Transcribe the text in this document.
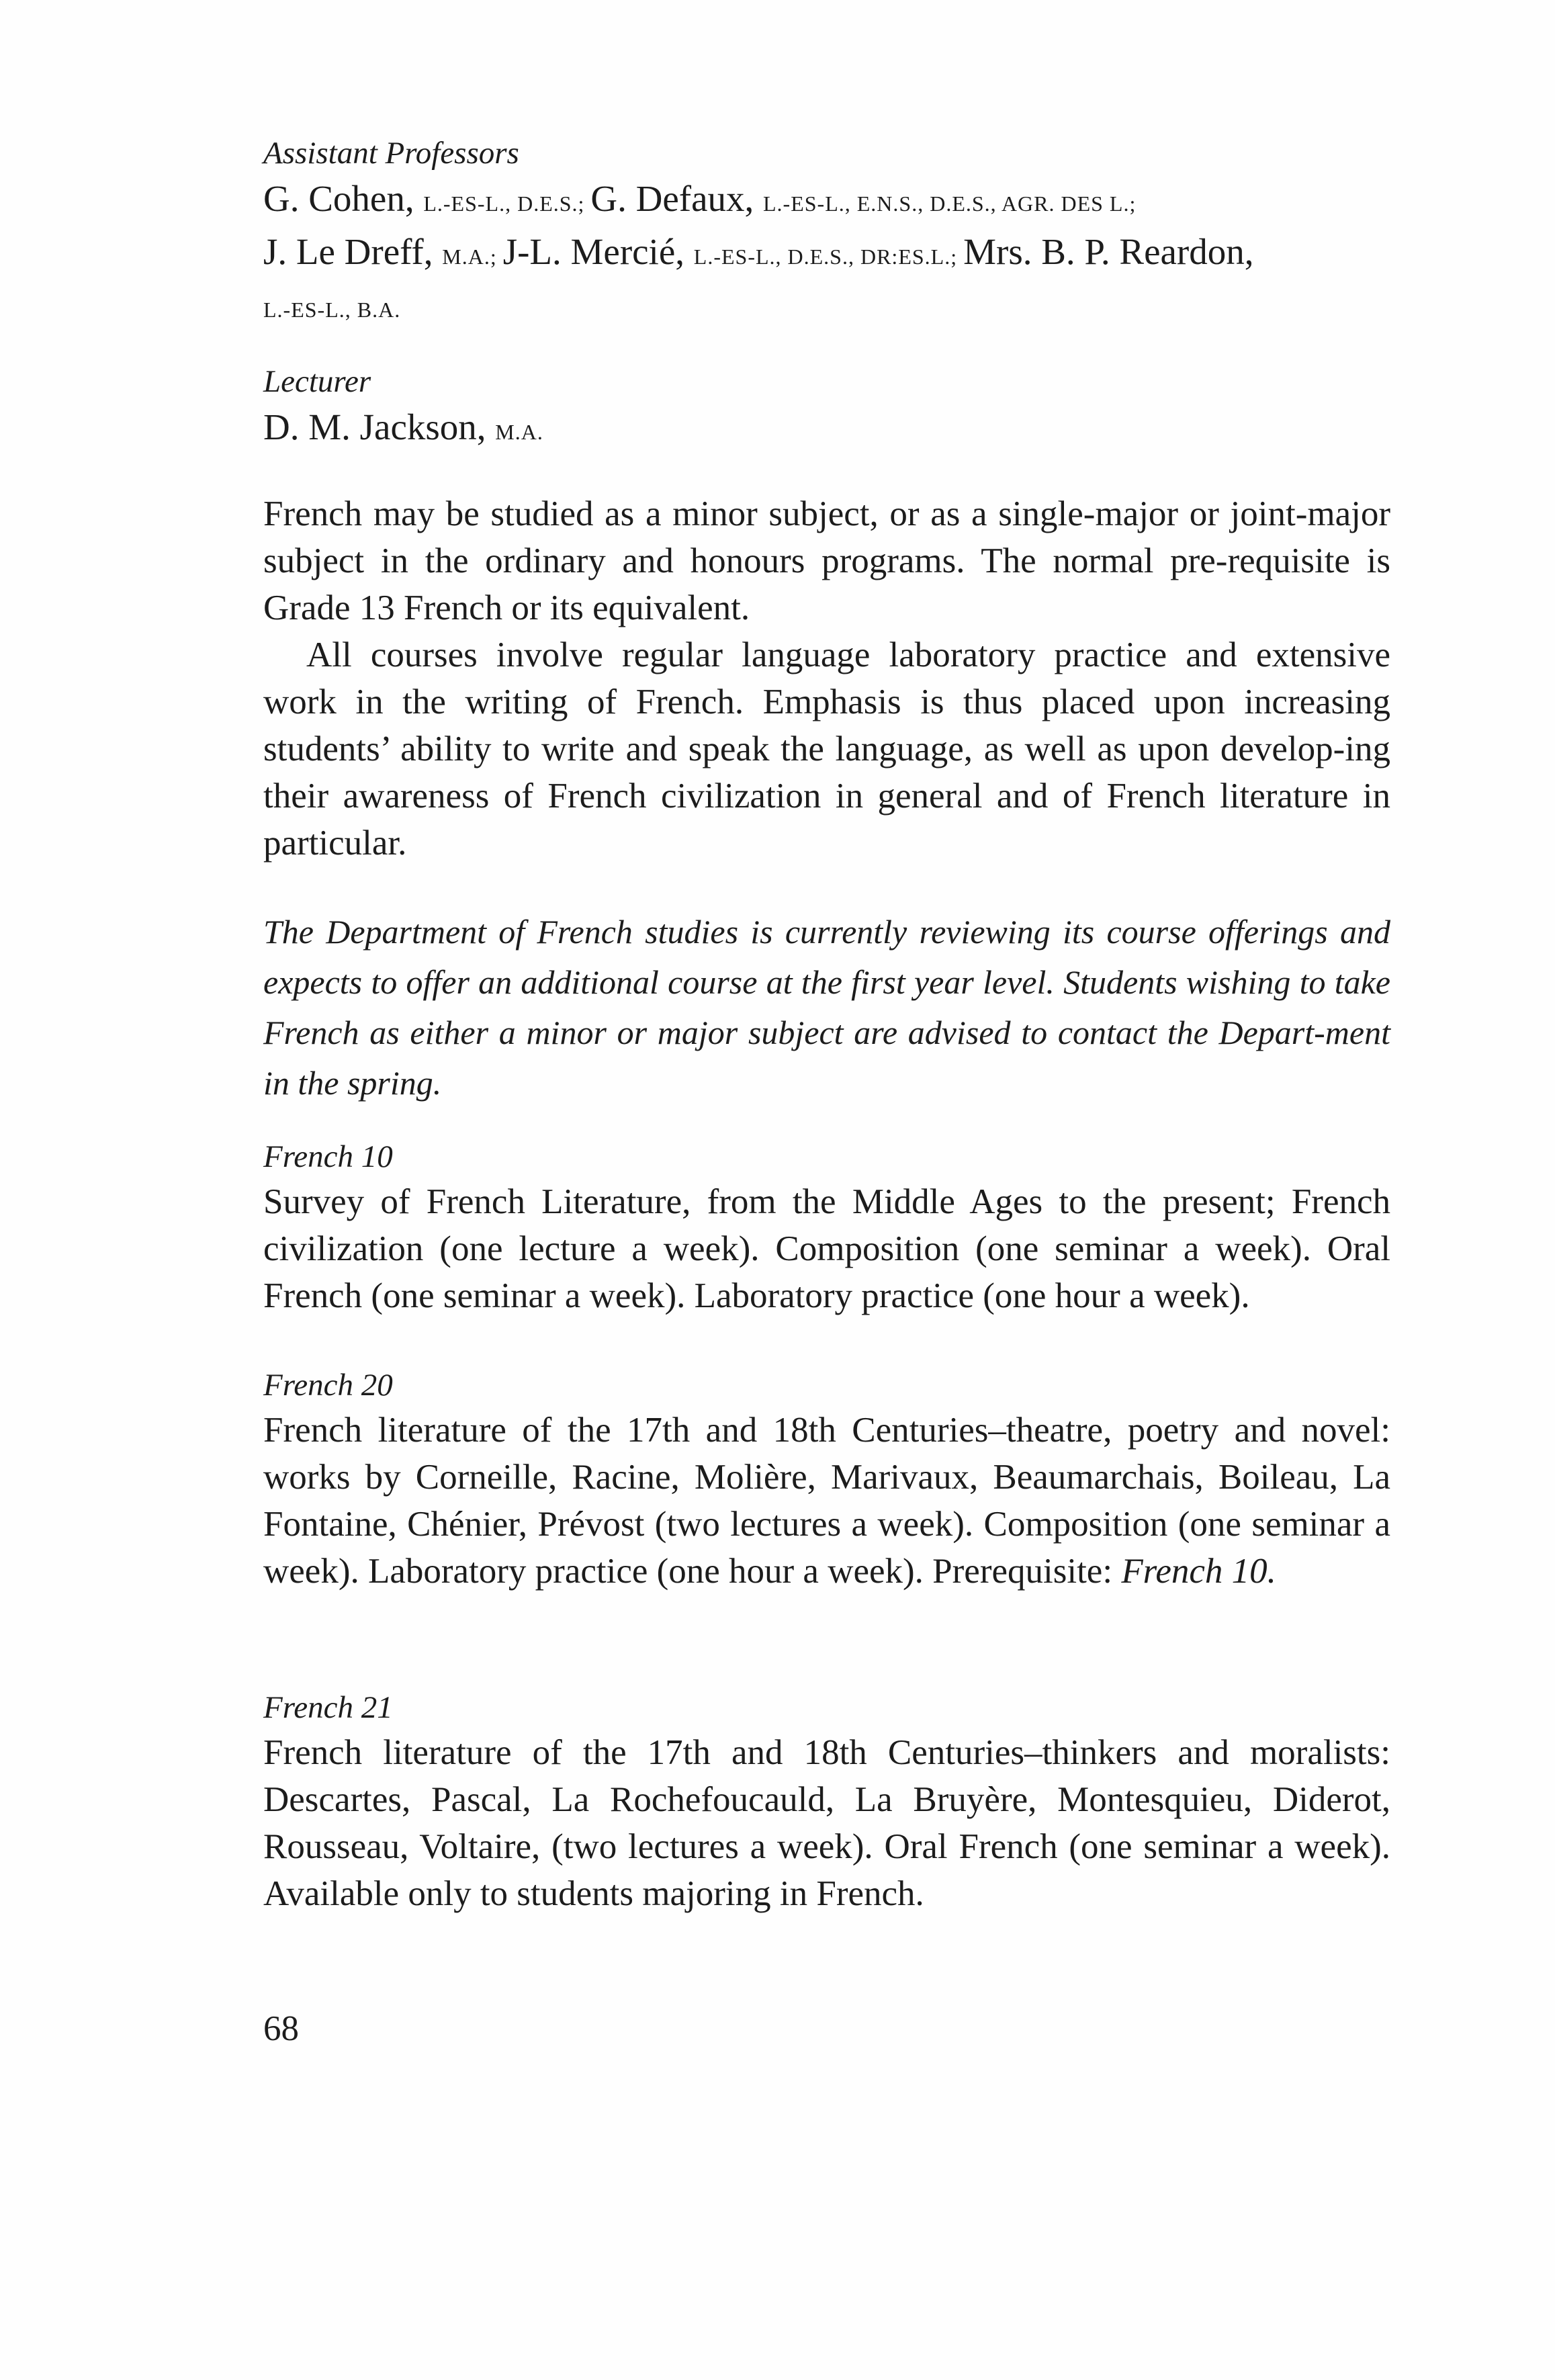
Assistant Professors
G. Cohen, L.-ES-L., D.E.S.; G. Defaux, L.-ES-L., E.N.S., D.E.S., AGR. DES L.;
J. Le Dreff, M.A.; J-L. Mercié, L.-ES-L., D.E.S., DR:ES.L.; Mrs. B. P. Reardon,
L.-ES-L., B.A.
Lecturer
D. M. Jackson, M.A.

French may be studied as a minor subject, or as a single-major or joint-major subject in the ordinary and honours programs. The normal pre-requisite is Grade 13 French or its equivalent.

All courses involve regular language laboratory practice and extensive work in the writing of French. Emphasis is thus placed upon increasing students’ ability to write and speak the language, as well as upon develop-ing their awareness of French civilization in general and of French literature in particular.

The Department of French studies is currently reviewing its course offerings and expects to offer an additional course at the first year level. Students wishing to take French as either a minor or major subject are advised to contact the Depart-ment in the spring.
French 10
Survey of French Literature, from the Middle Ages to the present; French civilization (one lecture a week). Composition (one seminar a week). Oral French (one seminar a week). Laboratory practice (one hour a week).
French 20
French literature of the 17th and 18th Centuries–theatre, poetry and novel: works by Corneille, Racine, Molière, Marivaux, Beaumarchais, Boileau, La Fontaine, Chénier, Prévost (two lectures a week). Composition (one seminar a week). Laboratory practice (one hour a week). Prerequisite: French 10.
French 21
French literature of the 17th and 18th Centuries–thinkers and moralists: Descartes, Pascal, La Rochefoucauld, La Bruyère, Montesquieu, Diderot, Rousseau, Voltaire, (two lectures a week). Oral French (one seminar a week). Available only to students majoring in French.
68
